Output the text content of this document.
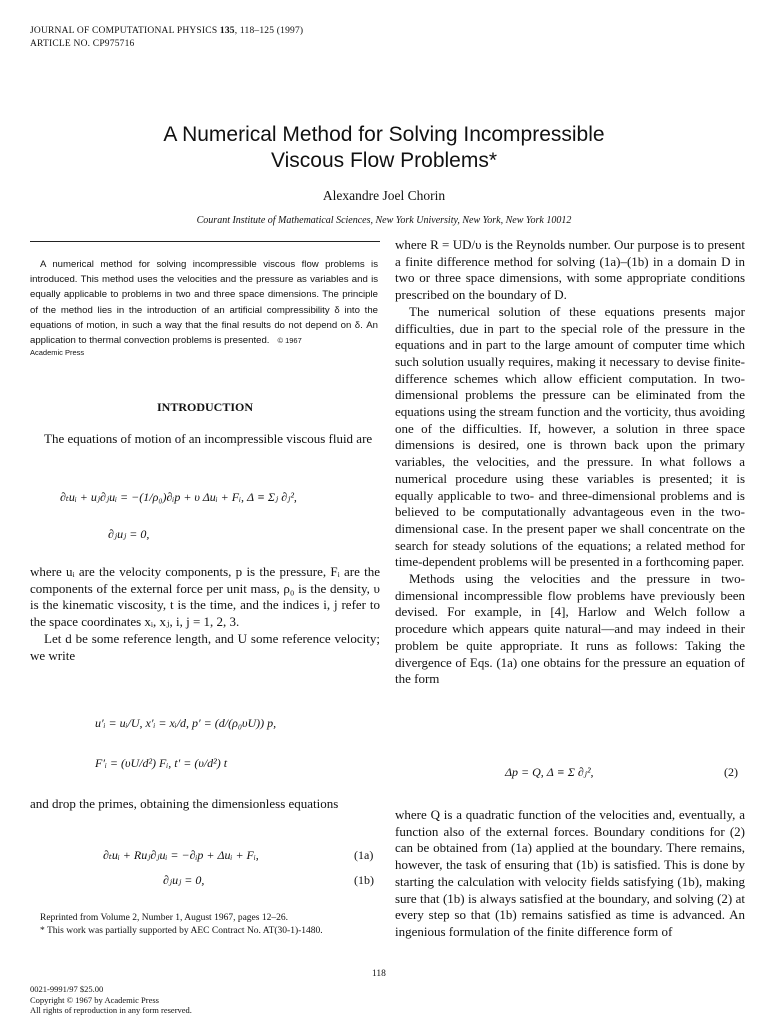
JOURNAL OF COMPUTATIONAL PHYSICS 135, 118–125 (1997)
ARTICLE NO. CP975716
A Numerical Method for Solving Incompressible
Viscous Flow Problems*
Alexandre Joel Chorin
Courant Institute of Mathematical Sciences, New York University, New York, New York 10012
A numerical method for solving incompressible viscous flow problems is introduced. This method uses the velocities and the pressure as variables and is equally applicable to problems in two and three space dimensions. The principle of the method lies in the introduction of an artificial compressibility δ into the equations of motion, in such a way that the final results do not depend on δ. An application to thermal convection problems is presented. © 1967
Academic Press
INTRODUCTION

The equations of motion of an incompressible viscous fluid are

∂ₜuᵢ + uⱼ∂ⱼuᵢ = −(1/ρ₀)∂ᵢp + υ Δuᵢ + Fᵢ, Δ ≡ Σⱼ ∂ⱼ²,
∂ⱼuⱼ = 0,

where uᵢ are the velocity components, p is the pressure, Fᵢ are the components of the external force per unit mass, ρ₀ is the density, υ is the kinematic viscosity, t is the time, and the indices i, j refer to the space coordinates xᵢ, xⱼ, i, j = 1, 2, 3.

Let d be some reference length, and U some reference velocity; we write

u′ᵢ = uᵢ/U, x′ᵢ = xᵢ/d, p′ = (d/(ρ₀υU)) p,
F′ᵢ = (υU/d²) Fᵢ, t′ = (υ/d²) t

and drop the primes, obtaining the dimensionless equations

∂ₜuᵢ + Ruⱼ∂ⱼuᵢ = −∂ᵢp + Δuᵢ + Fᵢ,	(1a)
∂ⱼuⱼ = 0,	(1b)
Reprinted from Volume 2, Number 1, August 1967, pages 12–26.
* This work was partially supported by AEC Contract No. AT(30-1)-1480.

where R = UD/υ is the Reynolds number. Our purpose is to present a finite difference method for solving (1a)–(1b) in a domain D in two or three space dimensions, with some appropriate conditions prescribed on the boundary of D.

The numerical solution of these equations presents major difficulties, due in part to the special role of the pressure in the equations and in part to the large amount of computer time which such solution usually requires, making it necessary to devise finite-difference schemes which allow efficient computation. In two-dimensional problems the pressure can be eliminated from the equations using the stream function and the vorticity, thus avoiding one of the difficulties. If, however, a solution in three space dimensions is desired, one is thrown back upon the primary variables, the velocities, and the pressure. In what follows a numerical procedure using these variables is presented; it is equally applicable to two- and three-dimensional problems and is believed to be computationally advantageous even in the two-dimensional case. In the present paper we shall concentrate on the search for steady solutions of the equations; a related method for time-dependent problems will be presented in a forthcoming paper.

Methods using the velocities and the pressure in two-dimensional incompressible flow problems have previously been devised. For example, in [4], Harlow and Welch follow a procedure which appears quite natural—and may indeed in their problem be quite appropriate. It runs as follows: Taking the divergence of Eqs. (1a) one obtains for the pressure an equation of the form

Δp = Q, Δ ≡ Σ ∂ⱼ²,	(2)

where Q is a quadratic function of the velocities and, eventually, a function also of the external forces. Boundary conditions for (2) can be obtained from (1a) applied at the boundary. There remains, however, the task of ensuring that (1b) is satisfied. This is done by starting the calculation with velocity fields satisfying (1b), making sure that (1b) is always satisfied at the boundary, and solving (2) at every step so that (1b) remains satisfied as time is advanced. An ingenious formulation of the finite difference form of

118
0021-9991/97 $25.00
Copyright © 1967 by Academic Press
All rights of reproduction in any form reserved.
